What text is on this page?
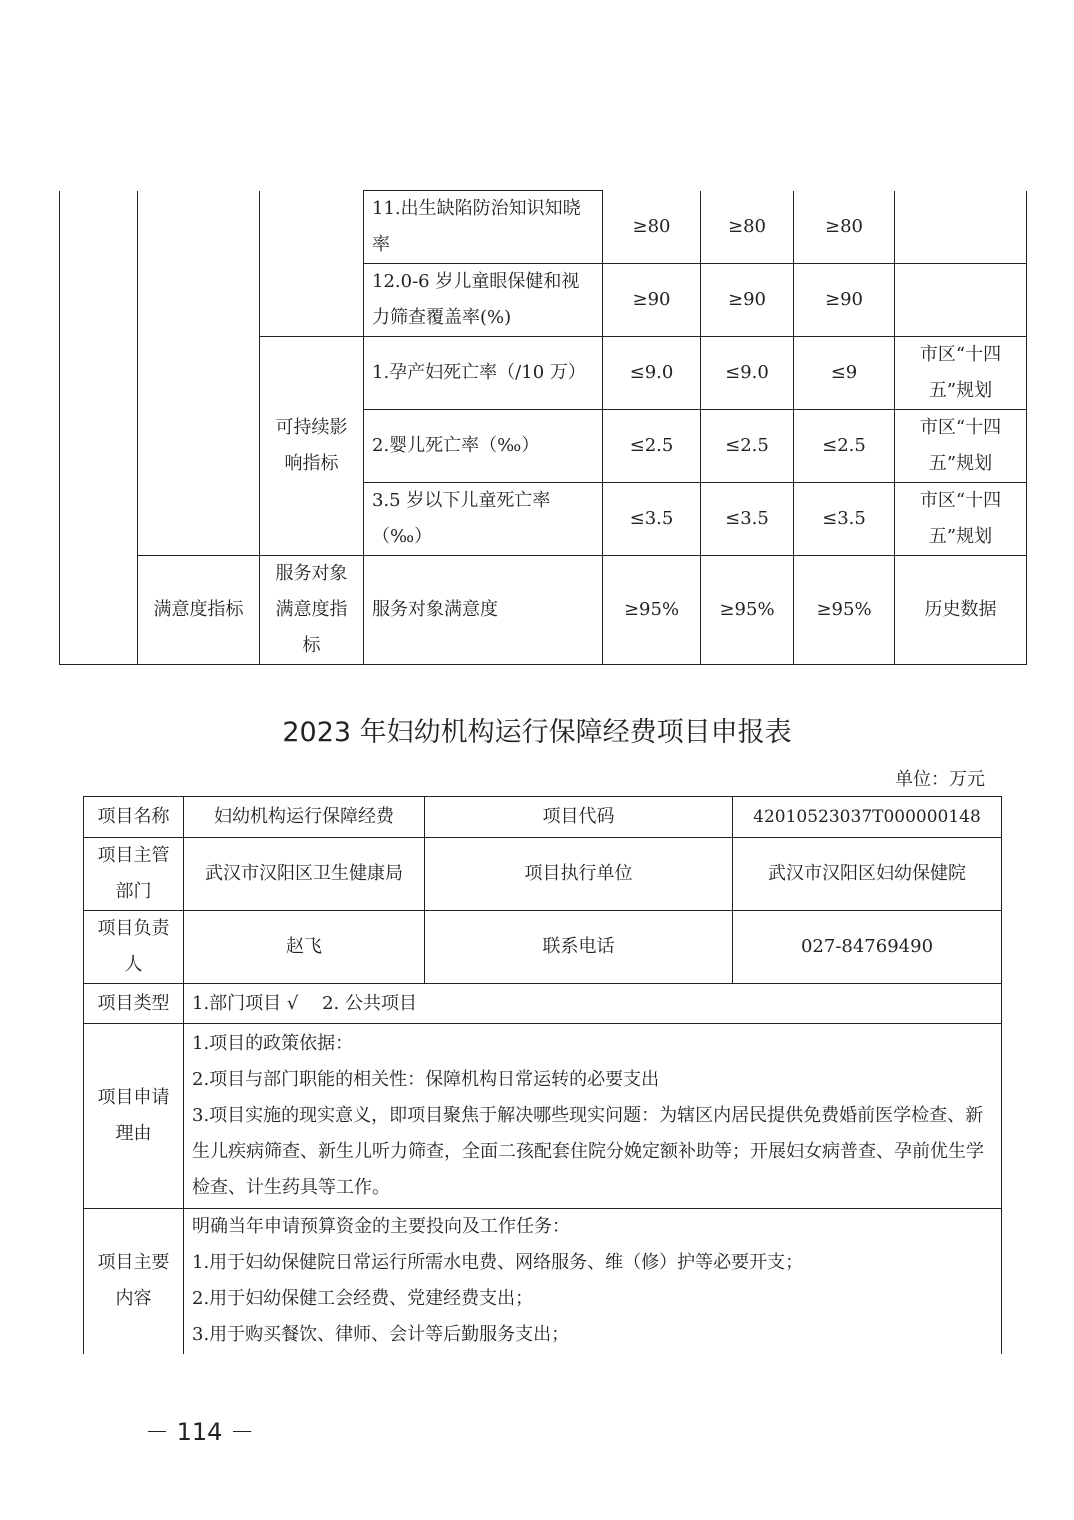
			11.出生缺陷防治知识知晓率	≥80	≥80	≥80	
			12.0-6 岁儿童眼保健和视力筛查覆盖率(%)	≥90	≥90	≥90	
		可持续影响指标	1.孕产妇死亡率（/10 万）	≤9.0	≤9.0	≤9	市区“十四五”规划
			2.婴儿死亡率（‰）	≤2.5	≤2.5	≤2.5	市区“十四五”规划
			3.5 岁以下儿童死亡率（‰）	≤3.5	≤3.5	≤3.5	市区“十四五”规划
	满意度指标	服务对象满意度指标	服务对象满意度	≥95%	≥95%	≥95%	历史数据
2023 年妇幼机构运行保障经费项目申报表
单位：万元
项目名称	妇幼机构运行保障经费	项目代码	42010523037T000000148
项目主管部门	武汉市汉阳区卫生健康局	项目执行单位	武汉市汉阳区妇幼保健院
项目负责人	赵飞	联系电话	027-84769490
项目类型	1.部门项目 √　 2. 公共项目		
项目申请理由	1.项目的政策依据：
2.项目与部门职能的相关性：保障机构日常运转的必要支出
3.项目实施的现实意义，即项目聚焦于解决哪些现实问题：为辖区内居民提供免费婚前医学检查、新生儿疾病筛查、新生儿听力筛查，全面二孩配套住院分娩定额补助等；开展妇女病普查、孕前优生学检查、计生药具等工作。		

项目主要内容	明确当年申请预算资金的主要投向及工作任务：
1.用于妇幼保健院日常运行所需水电费、网络服务、维（修）护等必要开支；
2.用于妇幼保健工会经费、党建经费支出；
3.用于购买餐饮、律师、会计等后勤服务支出；		
－ 114 －
